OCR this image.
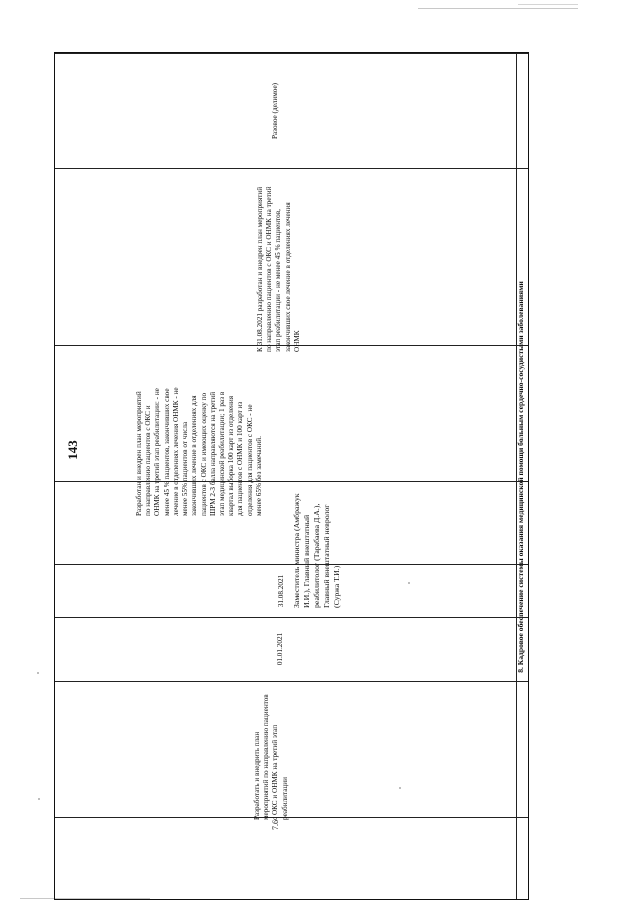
143
7.6
Разработать и внедрить план мероприятий по направлению пациентов с ОКС и ОНМК на третий этап реабилитации
01.01.2021
31.08.2021 Заместитель министра (Амбражук И.И.), Главный внештатный реабилитолог (Тарабаева Д.А.), Главный внештатный невролог (Суржа Т.И.)
Разработан и внедрен план мероприятий по направлению пациентов с ОКС и ОНМК на третий этап реабилитации: - не менее 45 % пациентов, закончивших свое лечение в отделениях лечения ОНМК - не менее 55% пациентов от числа закончивших лечение в отделениях для пациентов с ОКС и имеющих оценку по ШРМ 2-3 балла направляются на третий этап медицинской реабилитации; 1 раз в квартал выборка 100 карт из отделения для пациентов с ОНМК и 100 карт из отделения для пациентов с ОКС - не менее 65% без замечаний.
К 31.08.2021 разработан и внедрен план мероприятий по направлению пациентов с ОКС и ОНМК на третий этап реабилитации - не менее 45 % пациентов, закончивших свое лечение в отделениях лечения ОНМК
Разовое (делимое)
8. Кадровое обеспечение системы оказания медицинской помощи больным сердечно-сосудистыми заболеваниями
